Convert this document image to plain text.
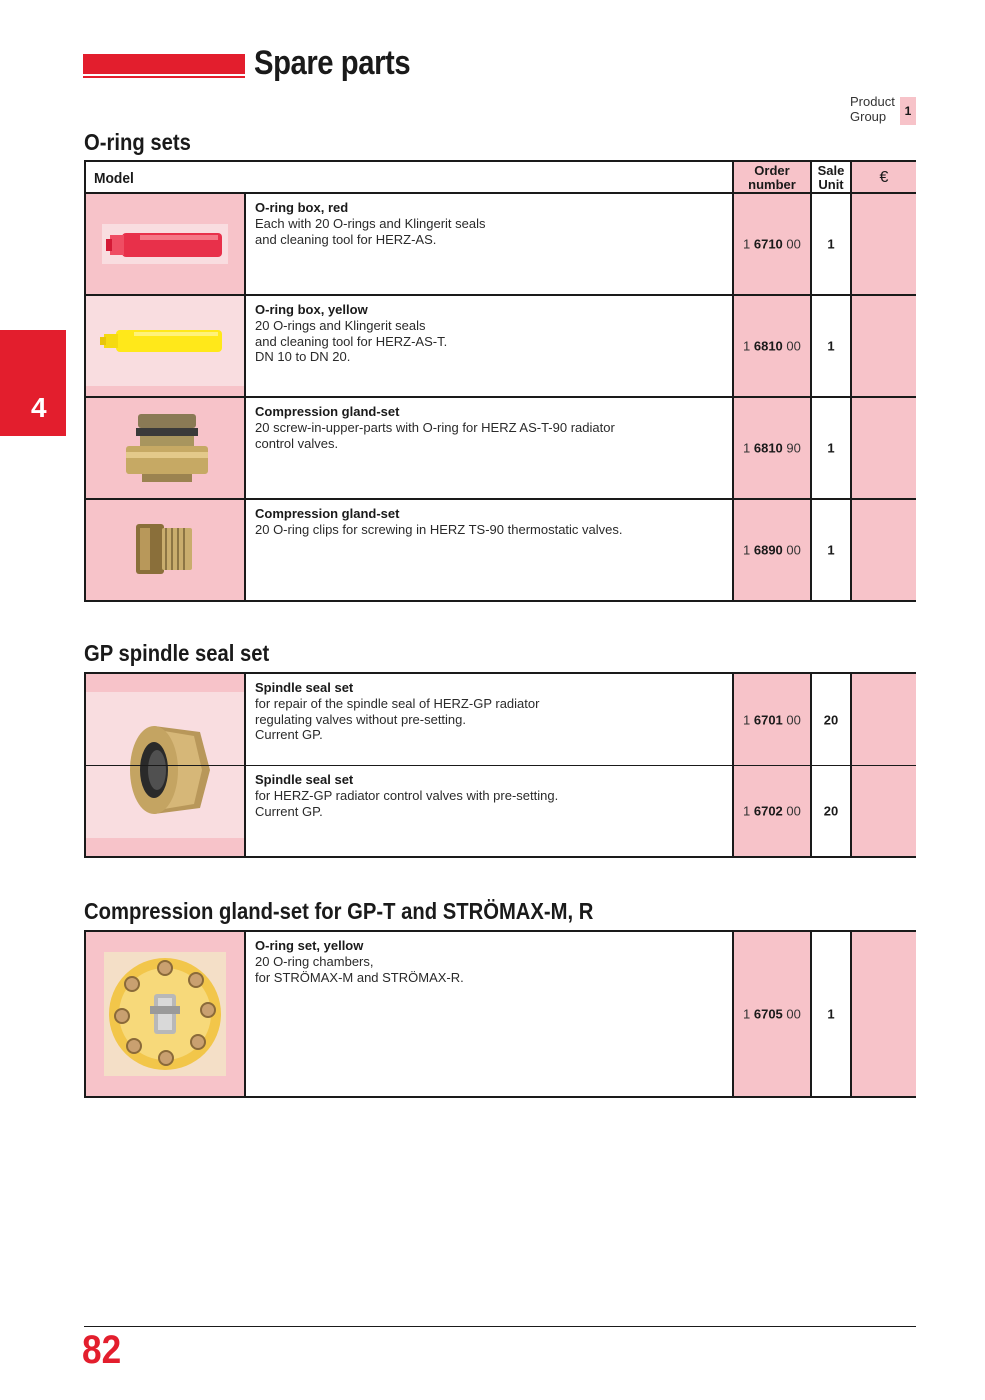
Spare parts
Product
Group	1
4
O-ring sets
Model	Order
number
Sale
Unit	€
O-ring box, red
Each with 20 O-rings and Klingerit seals
and cleaning tool for HERZ-AS.	1 6710 00	1
O-ring box, yellow
20 O-rings and Klingerit seals
and cleaning tool for HERZ-AS-T.
DN 10 to DN 20.
1 6810 00	1
Compression gland-set
20 screw-in-upper-parts with O-ring for HERZ AS-T-90 radiator
control valves.	1 6810 90	1
Compression gland-set
20 O-ring clips for screwing in HERZ TS-90 thermostatic valves.
1 6890 00	1
GP spindle seal set
Spindle seal set
for repair of the spindle seal of HERZ-GP radiator
regulating valves without pre-setting.
Current GP.
1 6701 00	20
Spindle seal set
for HERZ-GP radiator control valves with pre-setting.
Current GP.	1 6702 00	20
Compression gland-set for GP-T and STRÖMAX-M, R
O-ring set, yellow
20 O-ring chambers,
for STRÖMAX-M and STRÖMAX-R.
1 6705 00	1
82
